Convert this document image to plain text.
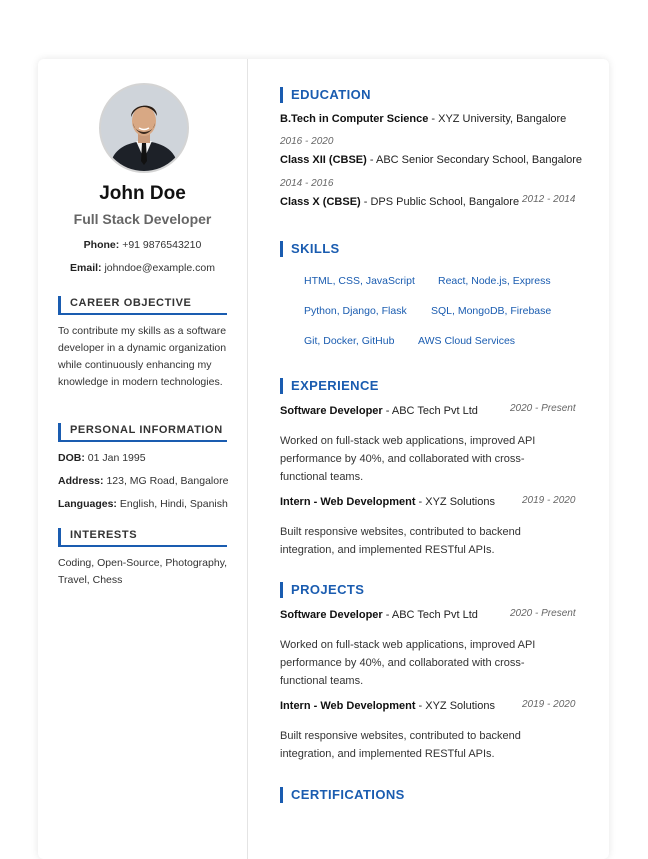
John Doe
Full Stack Developer
Phone: +91 9876543210
Email: johndoe@example.com
CAREER OBJECTIVE
To contribute my skills as a software developer in a dynamic organization while continuously enhancing my knowledge in modern technologies.
PERSONAL INFORMATION
DOB: 01 Jan 1995
Address: 123, MG Road, Bangalore
Languages: English, Hindi, Spanish
INTERESTS
Coding, Open-Source, Photography, Travel, Chess
EDUCATION
B.Tech in Computer Science - XYZ University, Bangalore
2016 - 2020
Class XII (CBSE) - ABC Senior Secondary School, Bangalore
2014 - 2016
Class X (CBSE) - DPS Public School, Bangalore 2012 - 2014
SKILLS
HTML, CSS, JavaScript React, Node.js, Express
Python, Django, Flask SQL, MongoDB, Firebase
Git, Docker, GitHub AWS Cloud Services
EXPERIENCE
Software Developer - ABC Tech Pvt Ltd	2020 - Present
Worked on full-stack web applications, improved API performance by 40%, and collaborated with cross-functional teams.
Intern - Web Development - XYZ Solutions	2019 - 2020
Built responsive websites, contributed to backend integration, and implemented RESTful APIs.
PROJECTS
Software Developer - ABC Tech Pvt Ltd	2020 - Present
Worked on full-stack web applications, improved API performance by 40%, and collaborated with cross-functional teams.
Intern - Web Development - XYZ Solutions	2019 - 2020
Built responsive websites, contributed to backend integration, and implemented RESTful APIs.
CERTIFICATIONS
